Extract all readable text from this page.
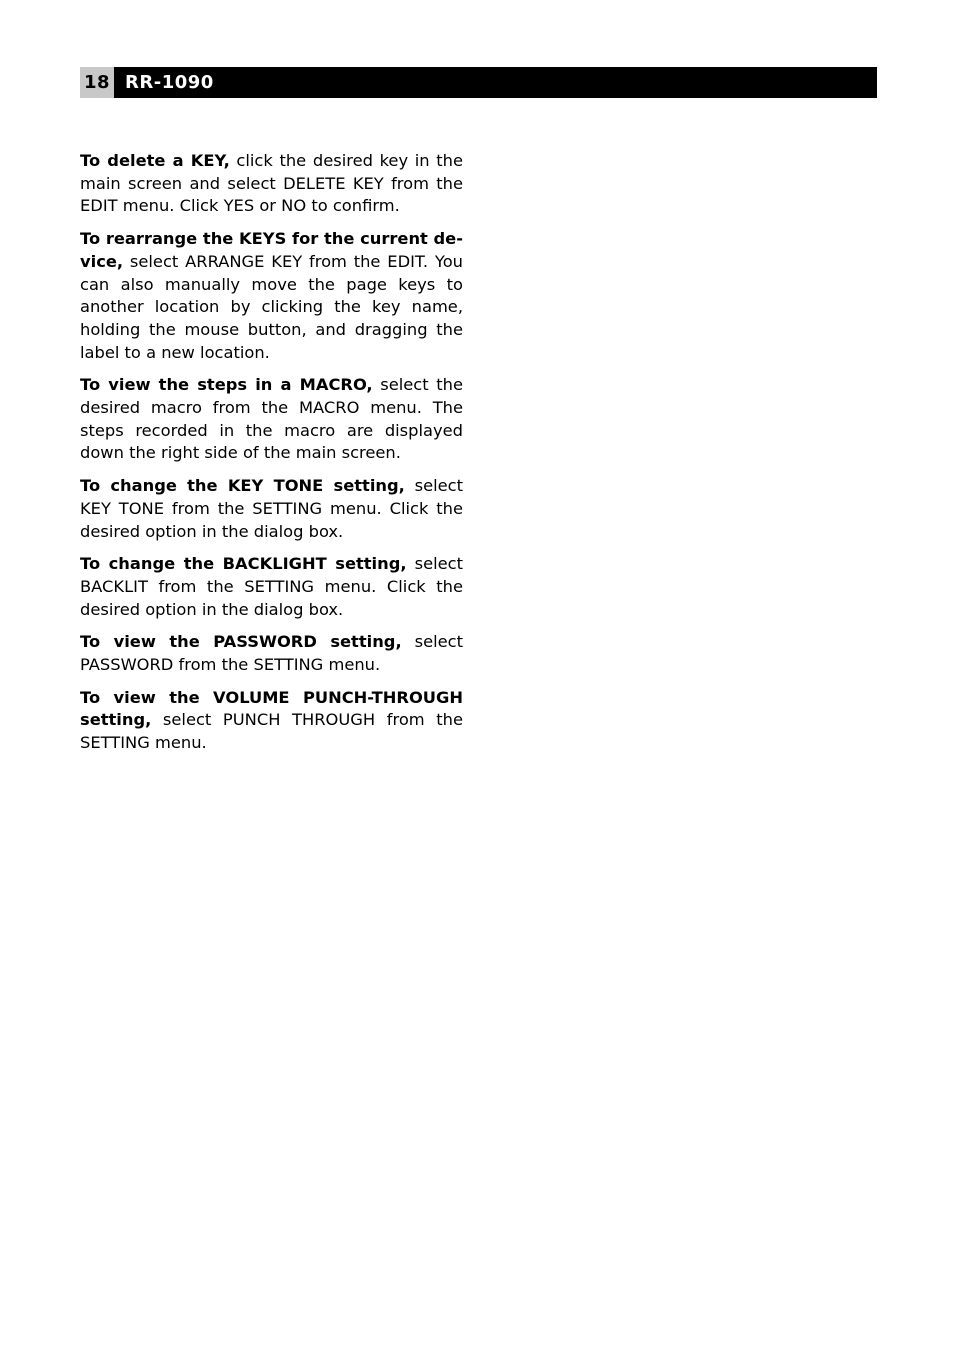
18 RR-1090

To delete a KEY, click the desired key in the main screen and select DELETE KEY from the EDIT menu. Click YES or NO to confirm.

To rearrange the KEYS for the current device, select ARRANGE KEY from the EDIT. You can also manually move the page keys to another location by clicking the key name, holding the mouse button, and dragging the label to a new location.

To view the steps in a MACRO, select the desired macro from the MACRO menu. The steps recorded in the macro are displayed down the right side of the main screen.

To change the KEY TONE setting, select KEY TONE from the SETTING menu. Click the desired option in the dialog box.

To change the BACKLIGHT setting, select BACKLIT from the SETTING menu. Click the desired option in the dialog box.

To view the PASSWORD setting, select PASSWORD from the SETTING menu.

To view the VOLUME PUNCH-THROUGH setting, select PUNCH THROUGH from the SETTING menu.
